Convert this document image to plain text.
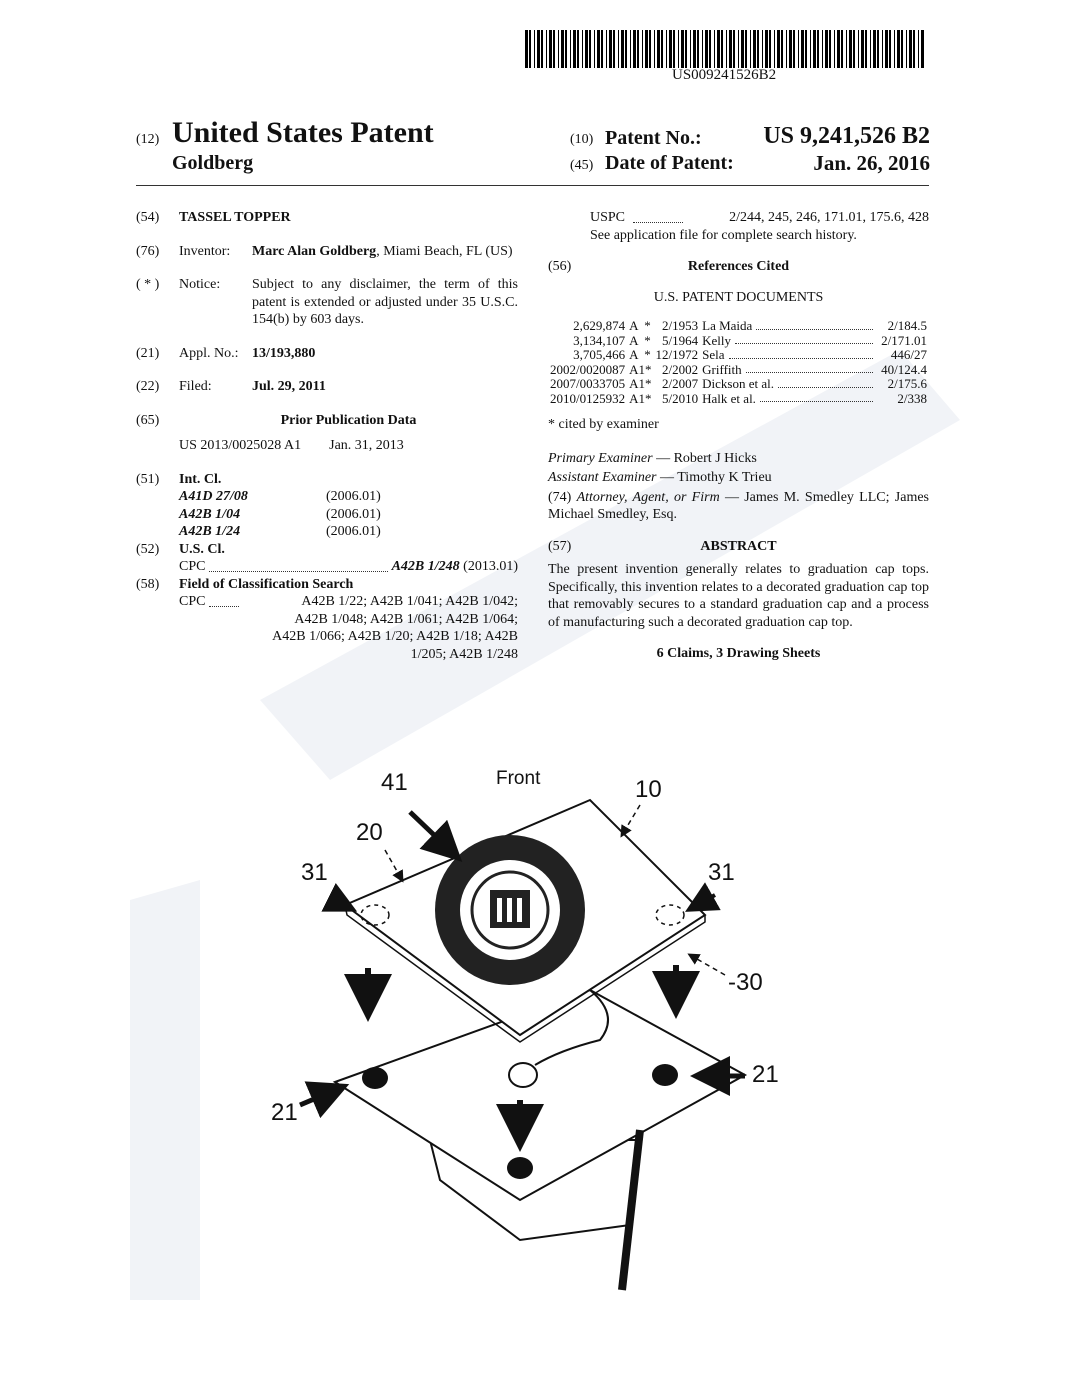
US009241526B2
(12) United States Patent
Goldberg
(10) Patent No.:	US 9,241,526 B2
(45) Date of Patent:	Jan. 26, 2016
(54)	TASSEL TOPPER
(76)	Inventor:	Marc Alan Goldberg, Miami Beach, FL (US)
( * )	Notice:	Subject to any disclaimer, the term of this patent is extended or adjusted under 35 U.S.C. 154(b) by 603 days.
(21)	Appl. No.: 13/193,880
(22)	Filed:	Jul. 29, 2011
(65)	Prior Publication Data
US 2013/0025028 A1 Jan. 31, 2013
(51)	Int. Cl.
A41D 27/08	(2006.01)
A42B 1/04	(2006.01)
A42B 1/24	(2006.01)
(52)	U.S. Cl.
CPC	A42B 1/248 (2013.01)
(58)	Field of Classification Search
CPC	A42B 1/22; A42B 1/041; A42B 1/042;
A42B 1/048; A42B 1/061; A42B 1/064;
A42B 1/066; A42B 1/20; A42B 1/18; A42B
1/205; A42B 1/248
USPC	2/244, 245, 246, 171.01, 175.6, 428
See application file for complete search history.
(56)	References Cited
U.S. PATENT DOCUMENTS
2,629,874	A  *	2/1953	La Maida	2/184.5
3,134,107	A  *	5/1964	Kelly	2/171.01
3,705,466	A  *	12/1972	Sela	446/27
2002/0020087	A1*	2/2002	Griffith	40/124.4
2007/0033705	A1*	2/2007	Dickson et al.	2/175.6
2010/0125932	A1*	5/2010	Halk et al.	2/338
* cited by examiner
Primary Examiner — Robert J Hicks
Assistant Examiner — Timothy K Trieu
(74) Attorney, Agent, or Firm — James M. Smedley LLC; James Michael Smedley, Esq.
(57)	ABSTRACT
The present invention generally relates to graduation cap tops. Specifically, this invention relates to a decorated graduation cap top that removably secures to a standard graduation cap and a process of manufacturing such a decorated graduation cap top.
6 Claims, 3 Drawing Sheets
41	Front	10
20
31	31
-30
21
21
